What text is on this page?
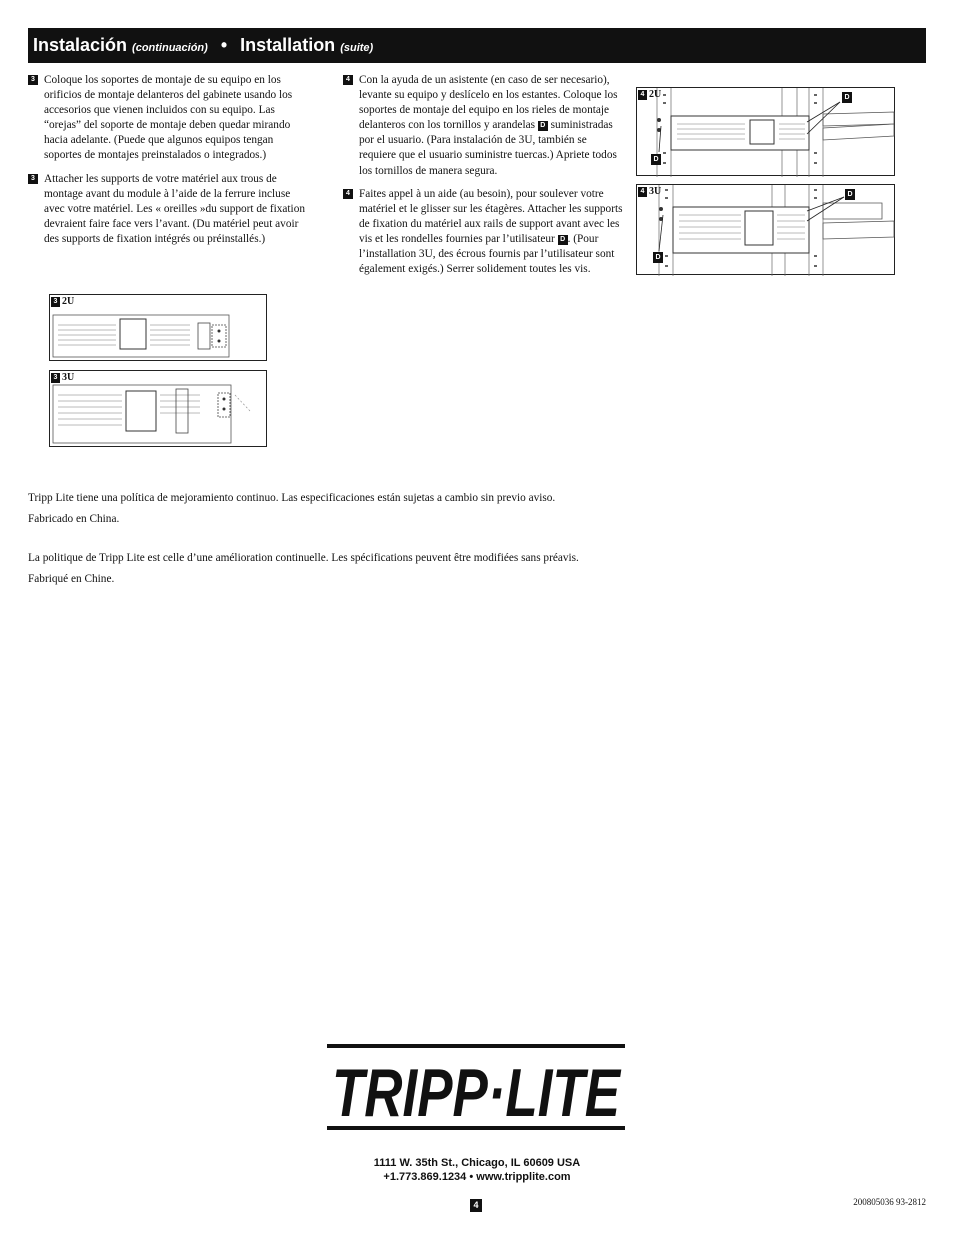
Instalación (continuación) • Installation (suite)
3 Coloque los soportes de montaje de su equipo en los orificios de montaje delanteros del gabinete usando los accesorios que vienen incluidos con su equipo. Las “orejas” del soporte de montaje deben quedar mirando hacia adelante. (Puede que algunos equipos tengan soportes de montajes preinstalados o integrados.)
3 Attacher les supports de votre matériel aux trous de montage avant du module à l’aide de la ferrure incluse avec votre matériel. Les « oreilles »du support de fixation devraient faire face vers l’avant. (Du matériel peut avoir des supports de fixation intégrés ou préinstallés.)
4 Con la ayuda de un asistente (en caso de ser necesario), levante su equipo y deslícelo en los estantes. Coloque los soportes de montaje del equipo en los rieles de montaje delanteros con los tornillos y arandelas D suministradas por el usuario. (Para instalación de 3U, también se requiere que el usuario suministre tuercas.) Apriete todos los tornillos de manera segura.
4 Faites appel à un aide (au besoin), pour soulever votre matériel et le glisser sur les étagères. Attacher les supports de fixation du matériel aux rails de support avant avec les vis et les rondelles fournies par l’utilisateur D . (Pour l’installation 3U, des écrous fournis par l’utilisateur sont également exigés.) Serrer solidement toutes les vis.
3 2U
3 3U
4 2U	D
D
4 3U	D
D
Tripp Lite tiene una política de mejoramiento continuo. Las especificaciones están sujetas a cambio sin previo aviso.
Fabricado en China.
La politique de Tripp Lite est celle d’une amélioration continuelle. Les spécifications peuvent être modifiées sans préavis.
Fabriqué en Chine.
TRIPP·LITE
1111 W. 35th St., Chicago, IL 60609 USA
+1.773.869.1234 • www.tripplite.com
4	200805036 93-2812
